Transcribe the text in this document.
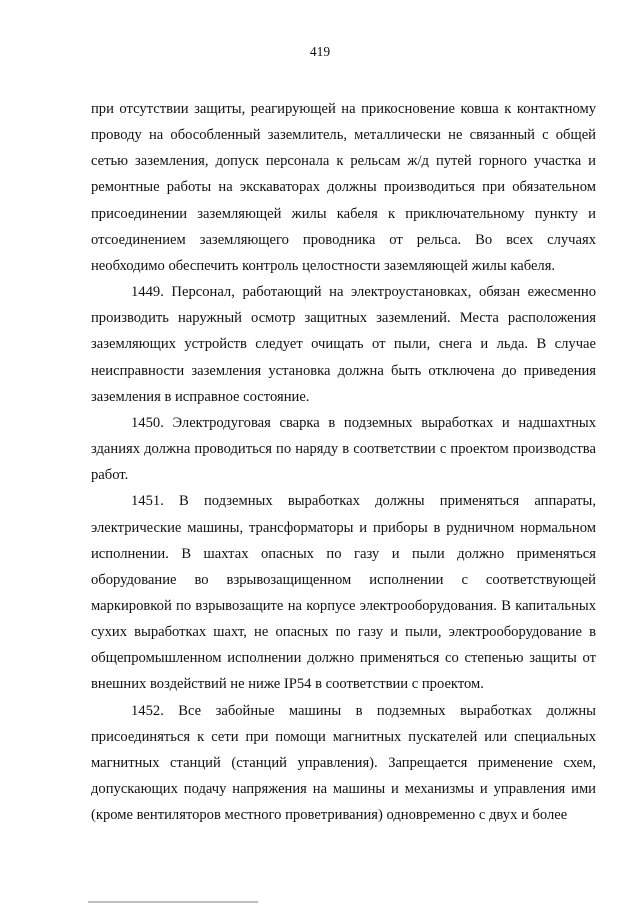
419

при отсутствии защиты, реагирующей на прикосновение ковша к контактному проводу на обособленный заземлитель, металлически не связанный с общей сетью заземления, допуск персонала к рельсам ж/д путей горного участка и ремонтные работы на экскаваторах должны производиться при обязательном присоединении заземляющей жилы кабеля к приключательному пункту и отсоединением заземляющего проводника от рельса. Во всех случаях необходимо обеспечить контроль целостности заземляющей жилы кабеля.

1449. Персонал, работающий на электроустановках, обязан ежесменно производить наружный осмотр защитных заземлений. Места расположения заземляющих устройств следует очищать от пыли, снега и льда. В случае неисправности заземления установка должна быть отключена до приведения заземления в исправное состояние.

1450. Электродуговая сварка в подземных выработках и надшахтных зданиях должна проводиться по наряду в соответствии с проектом производства работ.

1451. В подземных выработках должны применяться аппараты, электрические машины, трансформаторы и приборы в рудничном нормальном исполнении. В шахтах опасных по газу и пыли должно применяться оборудование во взрывозащищенном исполнении с соответствующей маркировкой по взрывозащите на корпусе электрооборудования. В капитальных сухих выработках шахт, не опасных по газу и пыли, электрооборудование в общепромышленном исполнении должно применяться со степенью защиты от внешних воздействий не ниже IP54 в соответствии с проектом.

1452. Все забойные машины в подземных выработках должны присоединяться к сети при помощи магнитных пускателей или специальных магнитных станций (станций управления). Запрещается применение схем, допускающих подачу напряжения на машины и механизмы и управления ими (кроме вентиляторов местного проветривания) одновременно с двух и более
